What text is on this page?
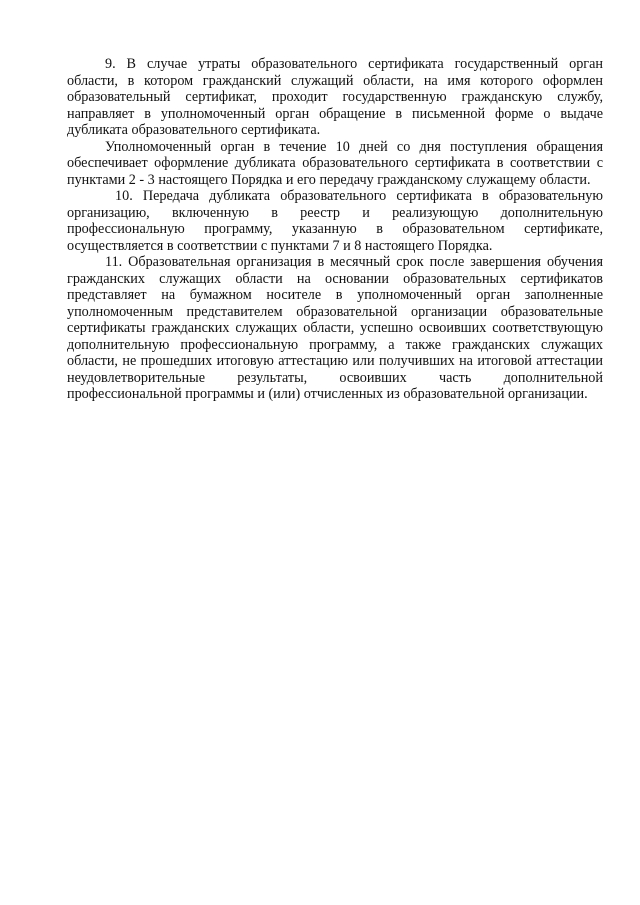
9. В случае утраты образовательного сертификата государственный орган области, в котором гражданский служащий области, на имя которого оформлен образовательный сертификат, проходит государственную гражданскую службу, направляет в уполномоченный орган обращение в письменной форме о выдаче дубликата образовательного сертификата.

Уполномоченный орган в течение 10 дней со дня поступления обращения обеспечивает оформление дубликата образовательного сертификата в соответствии с пунктами 2 - 3 настоящего Порядка и его передачу гражданскому служащему области.

10. Передача дубликата образовательного сертификата в образовательную организацию, включенную в реестр и реализующую дополнительную профессиональную программу, указанную в образовательном сертификате, осуществляется в соответствии с пунктами 7 и 8 настоящего Порядка.

11. Образовательная организация в месячный срок после завершения обучения гражданских служащих области на основании образовательных сертификатов представляет на бумажном носителе в уполномоченный орган заполненные уполномоченным представителем образовательной организации образовательные сертификаты гражданских служащих области, успешно освоивших соответствующую дополнительную профессиональную программу, а также гражданских служащих области, не прошедших итоговую аттестацию или получивших на итоговой аттестации неудовлетворительные результаты, освоивших часть дополнительной профессиональной программы и (или) отчисленных из образовательной организации.
